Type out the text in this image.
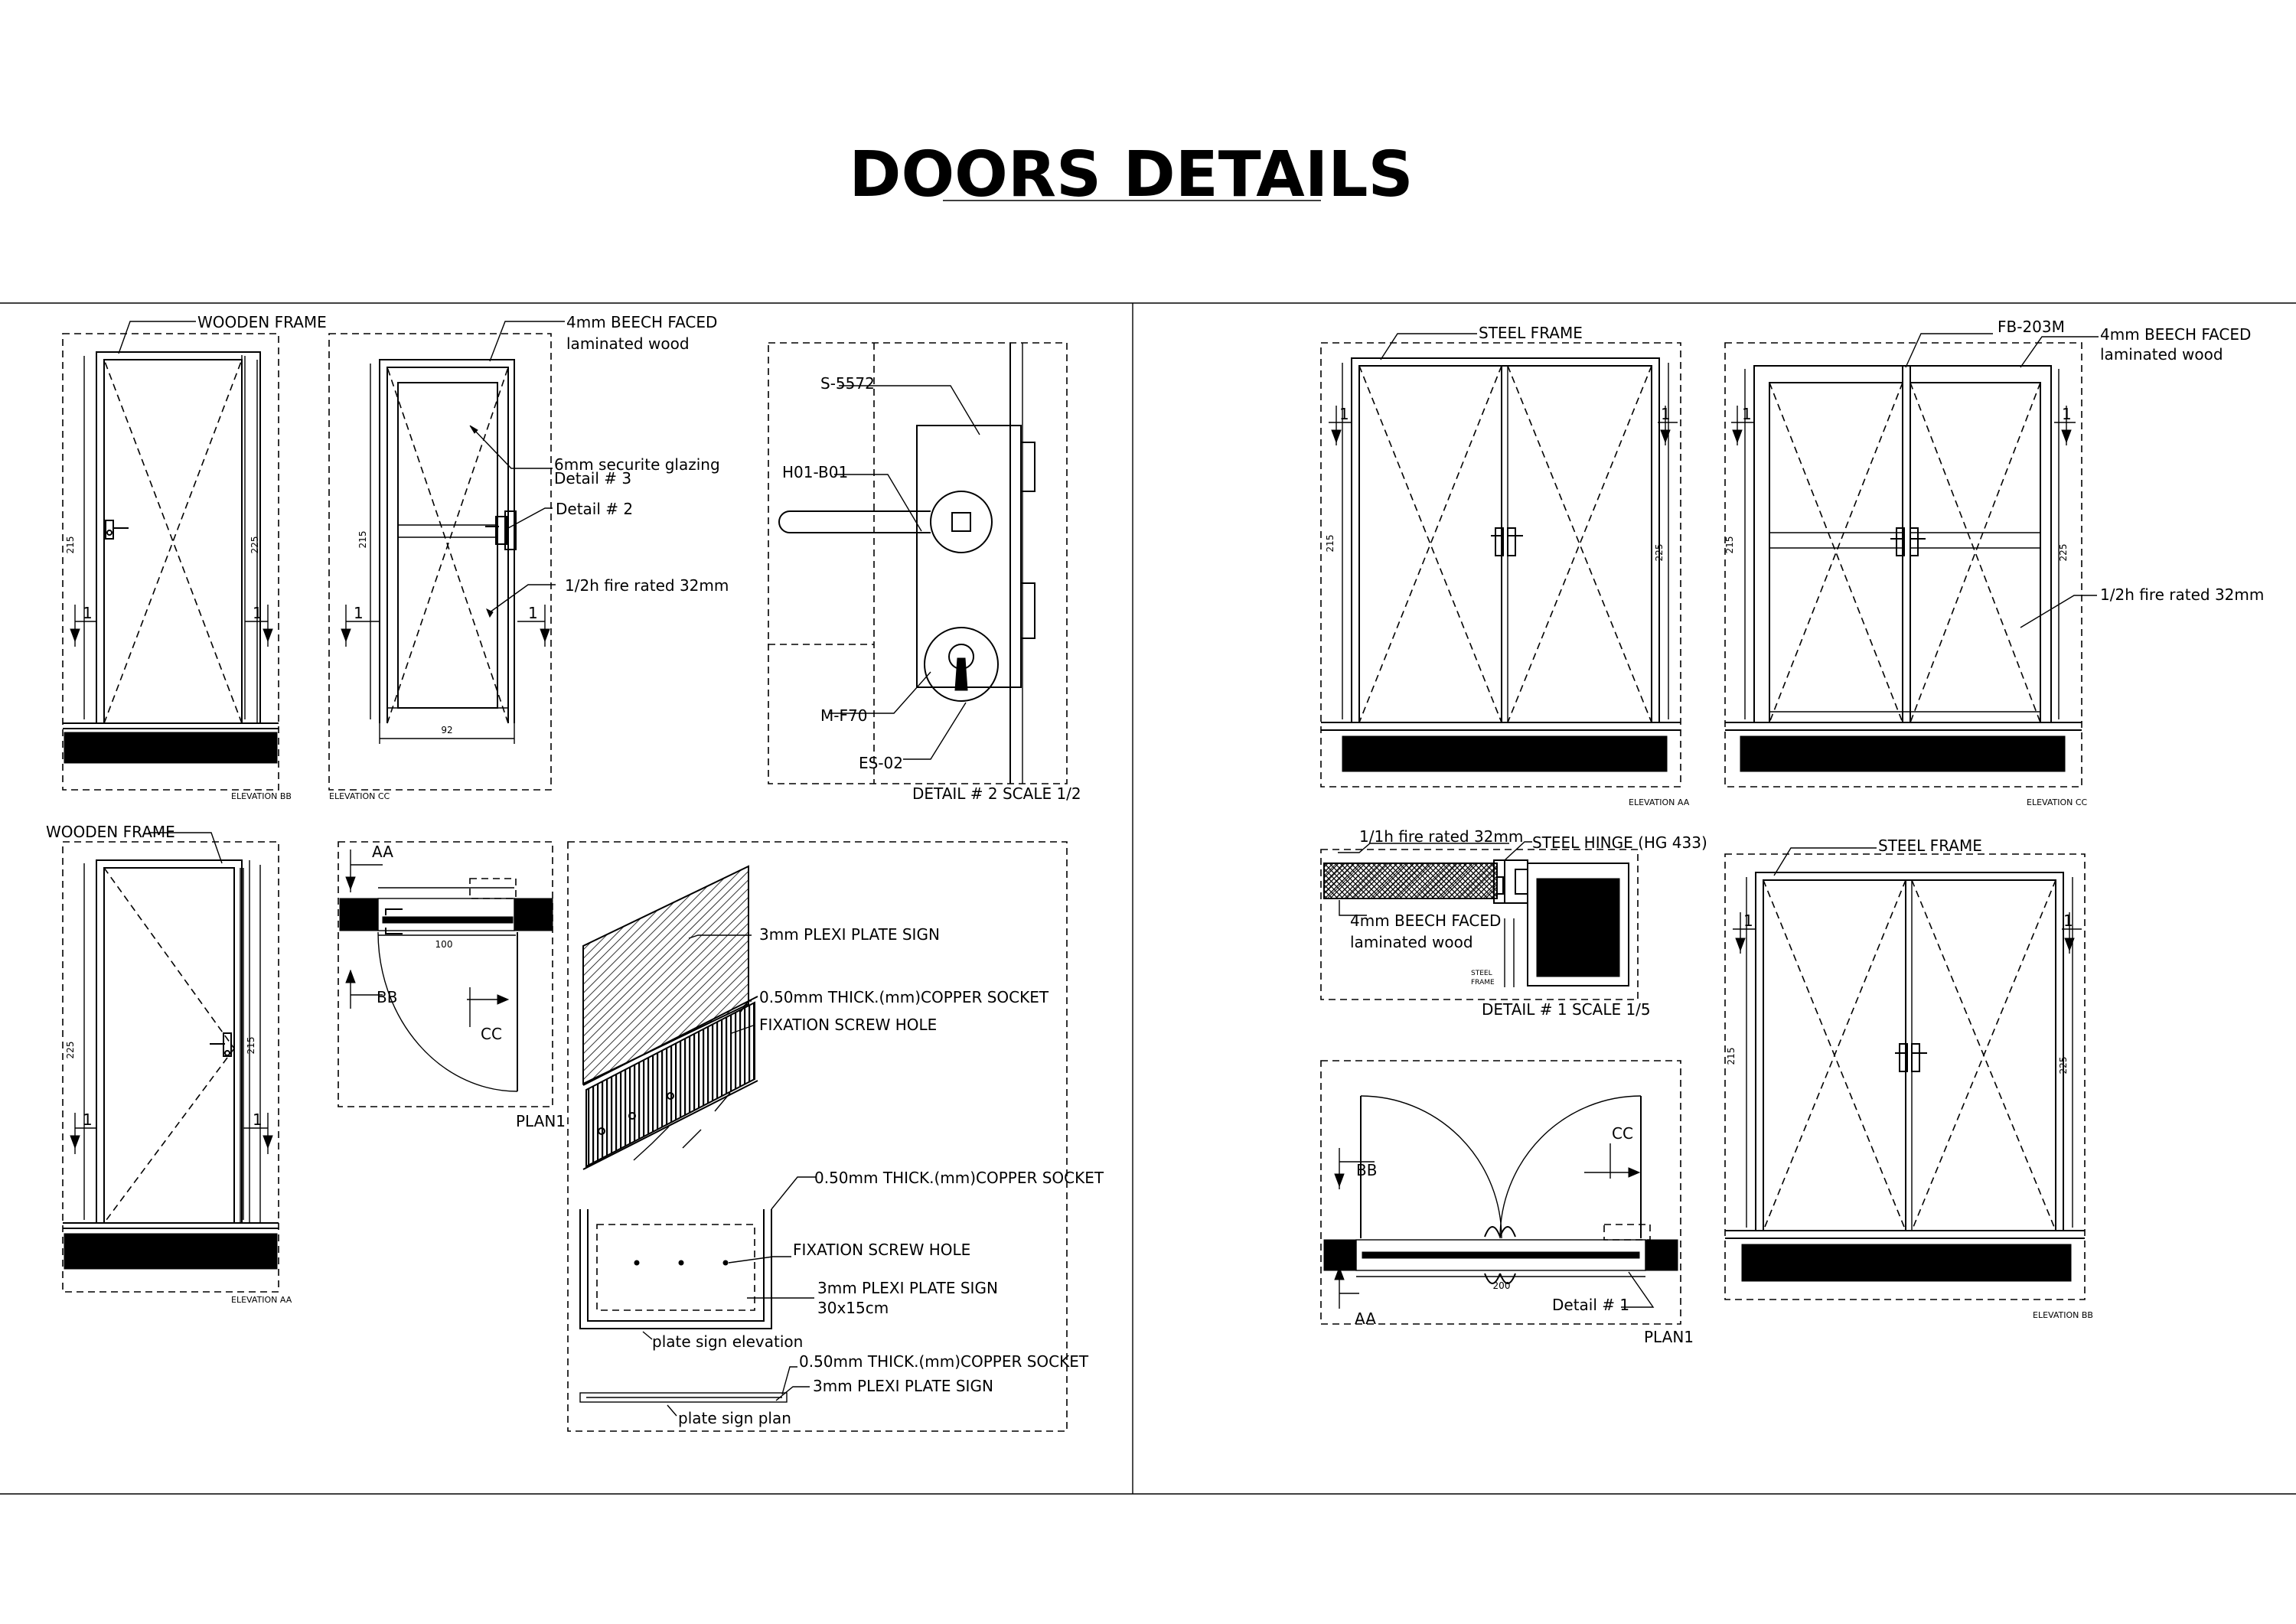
DOORS DETAILS
WOODEN FRAME
215	225
1	1
ELEVATION BB
4mm BEECH FACED
laminated wood
6mm securite glazing
Detail # 3
Detail # 2
1/2h fire rated 32mm
215
92
1	1
ELEVATION CC
S-5572
H01-B01
M-F70
ES-02
DETAIL # 2 SCALE 1/2
WOODEN FRAME
225	215
1	1
ELEVATION AA
AA
BB
CC
100
PLAN1
3mm PLEXI PLATE SIGN
0.50mm THICK.(mm)COPPER SOCKET
FIXATION SCREW HOLE
0.50mm THICK.(mm)COPPER SOCKET
FIXATION SCREW HOLE
3mm PLEXI PLATE SIGN
30x15cm
plate sign elevation
0.50mm THICK.(mm)COPPER SOCKET
3mm PLEXI PLATE SIGN
plate sign plan
STEEL FRAME
215
225
1	1
ELEVATION AA
FB-203M 4mm BEECH FACED
laminated wood
1/2h fire rated 32mm
215	225
1	1
ELEVATION CC
1/1h fire rated 32mm STEEL HINGE (HG 433)
4mm BEECH FACED
laminated wood
STEEL
FRAME
DETAIL # 1 SCALE 1/5
BB
CC
AA
200
Detail # 1
PLAN1
STEEL FRAME
215
225
1	1
ELEVATION BB
